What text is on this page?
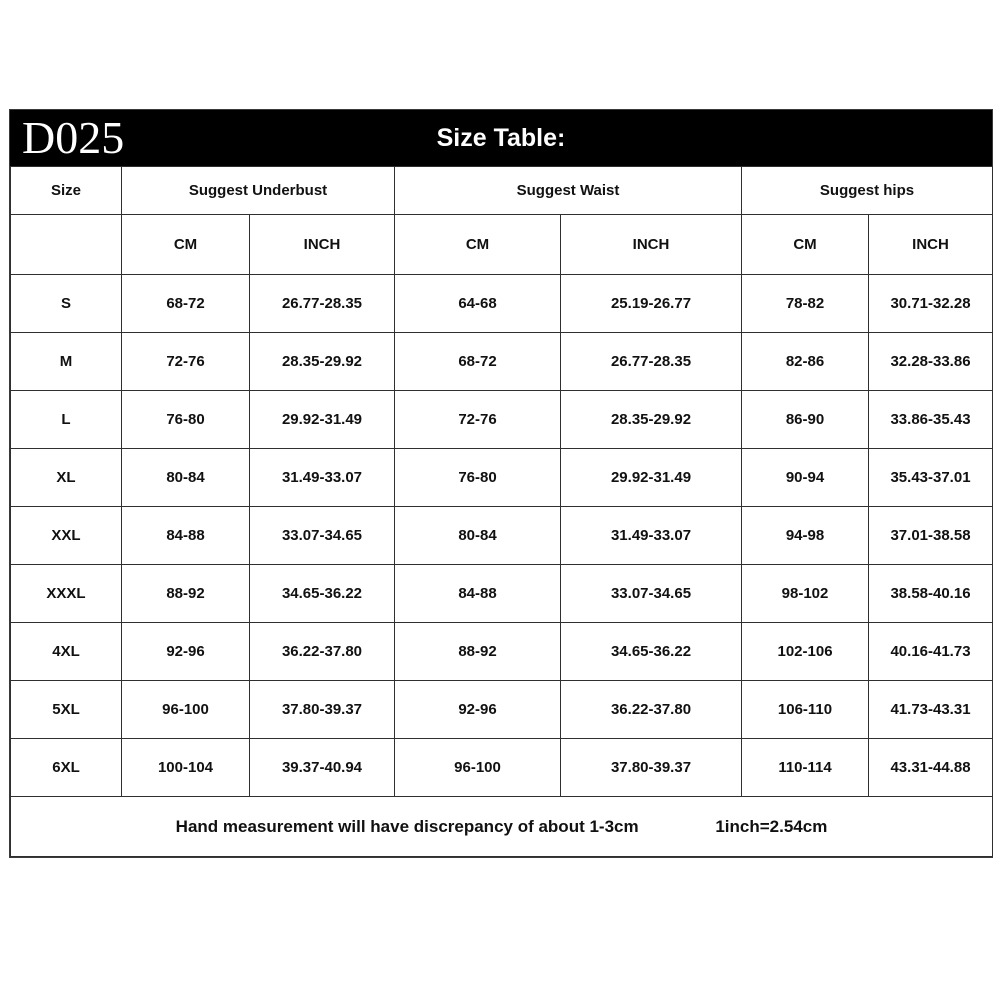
D025	Size Table:
Size	Suggest Underbust		Suggest Waist		Suggest hips	
	CM	INCH	CM	INCH	CM	INCH
S	68-72	26.77-28.35	64-68	25.19-26.77	78-82	30.71-32.28
M	72-76	28.35-29.92	68-72	26.77-28.35	82-86	32.28-33.86
L	76-80	29.92-31.49	72-76	28.35-29.92	86-90	33.86-35.43
XL	80-84	31.49-33.07	76-80	29.92-31.49	90-94	35.43-37.01
XXL	84-88	33.07-34.65	80-84	31.49-33.07	94-98	37.01-38.58
XXXL	88-92	34.65-36.22	84-88	33.07-34.65	98-102	38.58-40.16
4XL	92-96	36.22-37.80	88-92	34.65-36.22	102-106	40.16-41.73
5XL	96-100	37.80-39.37	92-96	36.22-37.80	106-110	41.73-43.31
6XL	100-104	39.37-40.94	96-100	37.80-39.37	110-114	43.31-44.88
Hand measurement will have discrepancy of about 1-3cm 1inch=2.54cm						
